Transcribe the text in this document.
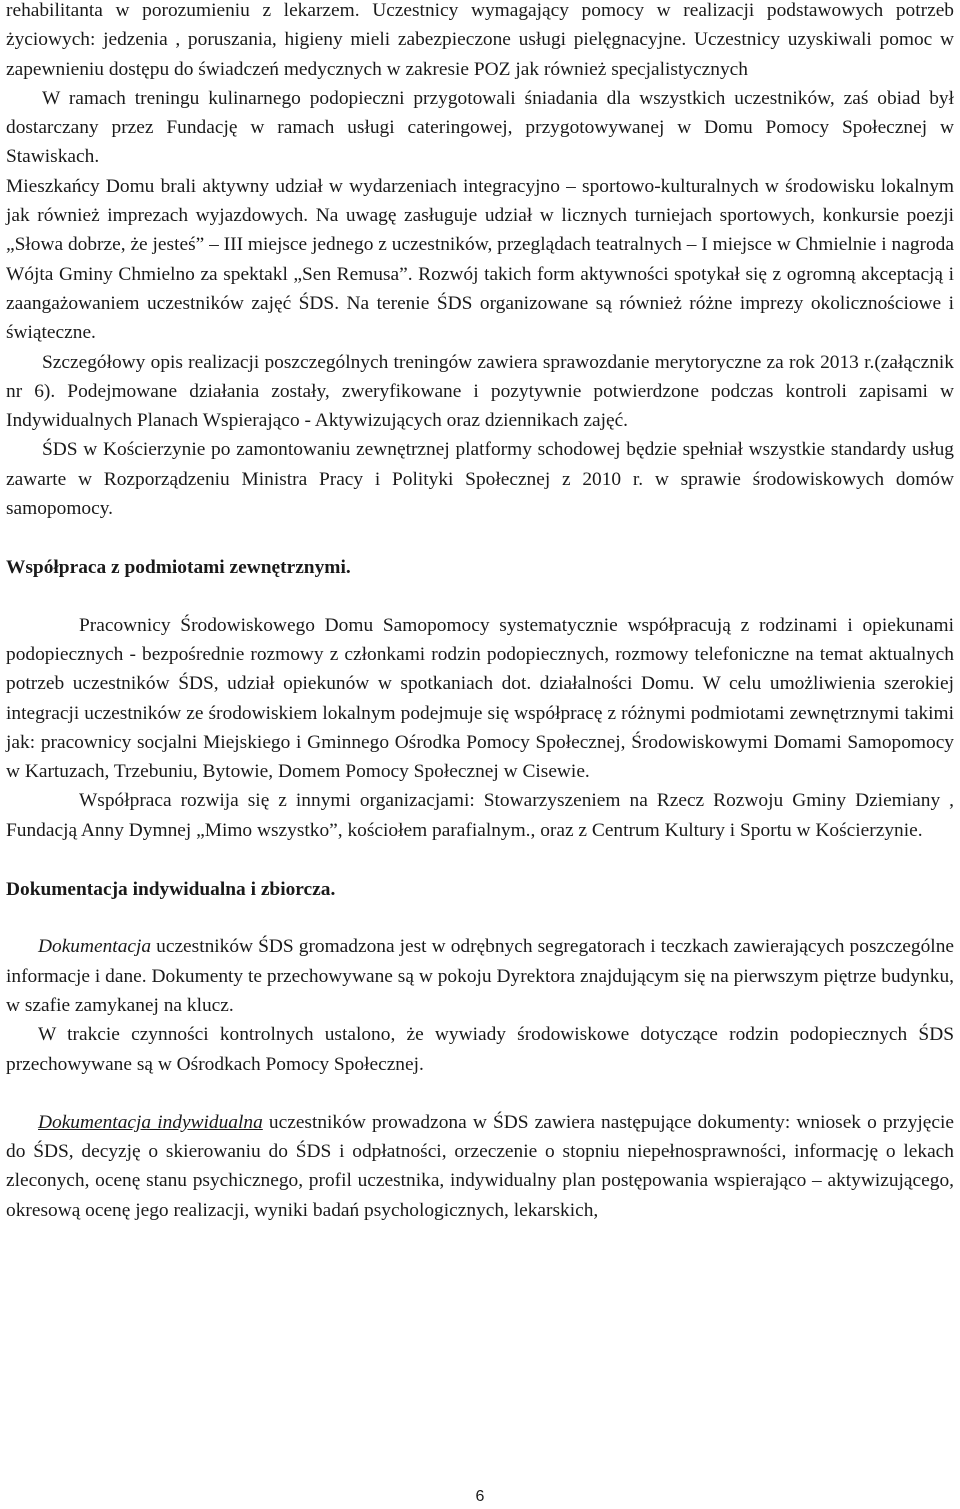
rehabilitanta w porozumieniu z lekarzem. Uczestnicy wymagający pomocy w realizacji podstawowych potrzeb życiowych: jedzenia , poruszania, higieny mieli zabezpieczone usługi pielęgnacyjne. Uczestnicy uzyskiwali pomoc w zapewnieniu dostępu do świadczeń medycznych w zakresie POZ jak również specjalistycznych

W ramach treningu kulinarnego podopieczni przygotowali śniadania dla wszystkich uczestników, zaś obiad był dostarczany przez Fundację w ramach usługi cateringowej, przygotowywanej w Domu Pomocy Społecznej w Stawiskach.

Mieszkańcy Domu brali aktywny udział w wydarzeniach integracyjno – sportowo-kulturalnych w środowisku lokalnym jak również imprezach wyjazdowych. Na uwagę zasługuje udział w licznych turniejach sportowych, konkursie poezji „Słowa dobrze, że jesteś” – III miejsce jednego z uczestników, przeglądach teatralnych – I miejsce w Chmielnie i nagroda Wójta Gminy Chmielno za spektakl „Sen Remusa”. Rozwój takich form aktywności spotykał się z ogromną akceptacją i zaangażowaniem uczestników zajęć ŚDS. Na terenie ŚDS organizowane są również różne imprezy okolicznościowe i świąteczne.

Szczegółowy opis realizacji poszczególnych treningów zawiera sprawozdanie merytoryczne za rok 2013 r.(załącznik nr 6). Podejmowane działania zostały, zweryfikowane i pozytywnie potwierdzone podczas kontroli zapisami w Indywidualnych Planach Wspierająco - Aktywizujących oraz dziennikach zajęć.

ŚDS w Kościerzynie po zamontowaniu zewnętrznej platformy schodowej będzie spełniał wszystkie standardy usług zawarte w Rozporządzeniu Ministra Pracy i Polityki Społecznej z 2010 r. w sprawie środowiskowych domów samopomocy.

Współpraca z podmiotami zewnętrznymi.

Pracownicy Środowiskowego Domu Samopomocy systematycznie współpracują z rodzinami i opiekunami podopiecznych - bezpośrednie rozmowy z członkami rodzin podopiecznych, rozmowy telefoniczne na temat aktualnych potrzeb uczestników ŚDS, udział opiekunów w spotkaniach dot. działalności Domu. W celu umożliwienia szerokiej integracji uczestników ze środowiskiem lokalnym podejmuje się współpracę z różnymi podmiotami zewnętrznymi takimi jak: pracownicy socjalni Miejskiego i Gminnego Ośrodka Pomocy Społecznej, Środowiskowymi Domami Samopomocy w Kartuzach, Trzebuniu, Bytowie, Domem Pomocy Społecznej w Cisewie.

Współpraca rozwija się z innymi organizacjami: Stowarzyszeniem na Rzecz Rozwoju Gminy Dziemiany , Fundacją Anny Dymnej „Mimo wszystko”, kościołem parafialnym., oraz z Centrum Kultury i Sportu w Kościerzynie.

Dokumentacja indywidualna i zbiorcza.

Dokumentacja uczestników ŚDS gromadzona jest w odrębnych segregatorach i teczkach zawierających poszczególne informacje i dane. Dokumenty te przechowywane są w pokoju Dyrektora znajdującym się na pierwszym piętrze budynku, w szafie zamykanej na klucz.

W trakcie czynności kontrolnych ustalono, że wywiady środowiskowe dotyczące rodzin podopiecznych ŚDS przechowywane są w Ośrodkach Pomocy Społecznej.

Dokumentacja indywidualna uczestników prowadzona w ŚDS zawiera następujące dokumenty: wniosek o przyjęcie do ŚDS, decyzję o skierowaniu do ŚDS i odpłatności, orzeczenie o stopniu niepełnosprawności, informację o lekach zleconych, ocenę stanu psychicznego, profil uczestnika, indywidualny plan postępowania wspierająco – aktywizującego, okresową ocenę jego realizacji, wyniki badań psychologicznych, lekarskich,

6
